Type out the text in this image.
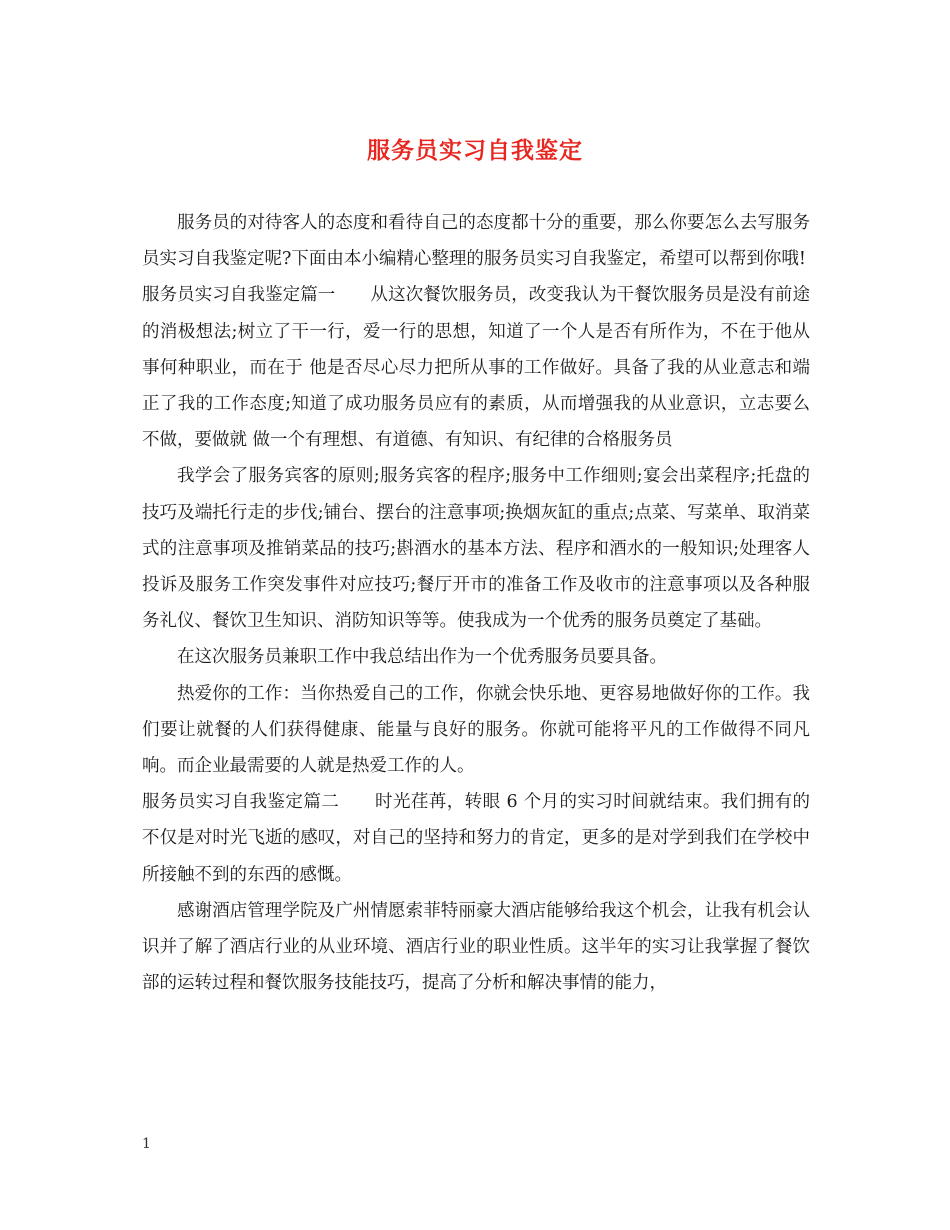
服务员实习自我鉴定

服务员的对待客人的态度和看待自己的态度都十分的重要，那么你要怎么去写服务员实习自我鉴定呢?下面由本小编精心整理的服务员实习自我鉴定，希望可以帮到你哦!

服务员实习自我鉴定篇一　　从这次餐饮服务员，改变我认为干餐饮服务员是没有前途的消极想法;树立了干一行，爱一行的思想，知道了一个人是否有所作为，不在于他从事何种职业，而在于 他是否尽心尽力把所从事的工作做好。具备了我的从业意志和端正了我的工作态度;知道了成功服务员应有的素质，从而增强我的从业意识，立志要么不做，要做就 做一个有理想、有道德、有知识、有纪律的合格服务员

我学会了服务宾客的原则;服务宾客的程序;服务中工作细则;宴会出菜程序;托盘的技巧及端托行走的步伐;铺台、摆台的注意事项;换烟灰缸的重点;点菜、写菜单、取消菜式的注意事项及推销菜品的技巧;斟酒水的基本方法、程序和酒水的一般知识;处理客人投诉及服务工作突发事件对应技巧;餐厅开市的准备工作及收市的注意事项以及各种服务礼仪、餐饮卫生知识、消防知识等等。使我成为一个优秀的服务员奠定了基础。

在这次服务员兼职工作中我总结出作为一个优秀服务员要具备。

热爱你的工作：当你热爱自己的工作，你就会快乐地、更容易地做好你的工作。我们要让就餐的人们获得健康、能量与良好的服务。你就可能将平凡的工作做得不同凡响。而企业最需要的人就是热爱工作的人。

服务员实习自我鉴定篇二　　时光荏苒，转眼 6 个月的实习时间就结束。我们拥有的不仅是对时光飞逝的感叹，对自己的坚持和努力的肯定，更多的是对学到我们在学校中所接触不到的东西的感慨。

感谢酒店管理学院及广州情愿索菲特丽豪大酒店能够给我这个机会，让我有机会认识并了解了酒店行业的从业环境、酒店行业的职业性质。这半年的实习让我掌握了餐饮部的运转过程和餐饮服务技能技巧，提高了分析和解决事情的能力，

1
